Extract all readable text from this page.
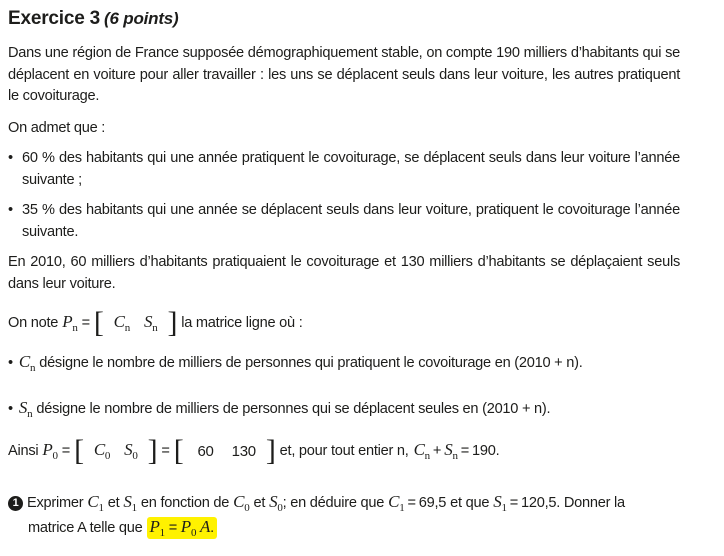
Exercice 3 (6 points)
Dans une région de France supposée démographiquement stable, on compte 190 milliers d’habitants qui se déplacent en voiture pour aller travailler : les uns se déplacent seuls dans leur voiture, les autres pratiquent le covoiturage.
On admet que :
• 60 % des habitants qui une année pratiquent le covoiturage, se déplacent seuls dans leur voiture l’année suivante ;
• 35 % des habitants qui une année se déplacent seuls dans leur voiture, pratiquent le covoiturage l’année suivante.
En 2010, 60 milliers d’habitants pratiquaient le covoiturage et 130 milliers d’habitants se déplaçaient seuls dans leur voiture.
On note $P_n$ = [ $C_n$ $S_n$ ] la matrice ligne où :
• $C_n$ désigne le nombre de milliers de personnes qui pratiquent le covoiturage en (2010 + n).
• $S_n$ désigne le nombre de milliers de personnes qui se déplacent seules en (2010 + n).
Ainsi $P_0$ = [ $C_0$ $S_0$ ] = [ 60 130 ] et, pour tout entier n, $C_n + S_n = 190$ .
1 Exprimer $C_1$ et $S_1$ en fonction de $C_0$ et $S_0$ ; en déduire que $C_1 = 69,5$ et que $S_1 = 120,5$ . Donner la
matrice A telle que $P_1 = P_0$ A.
